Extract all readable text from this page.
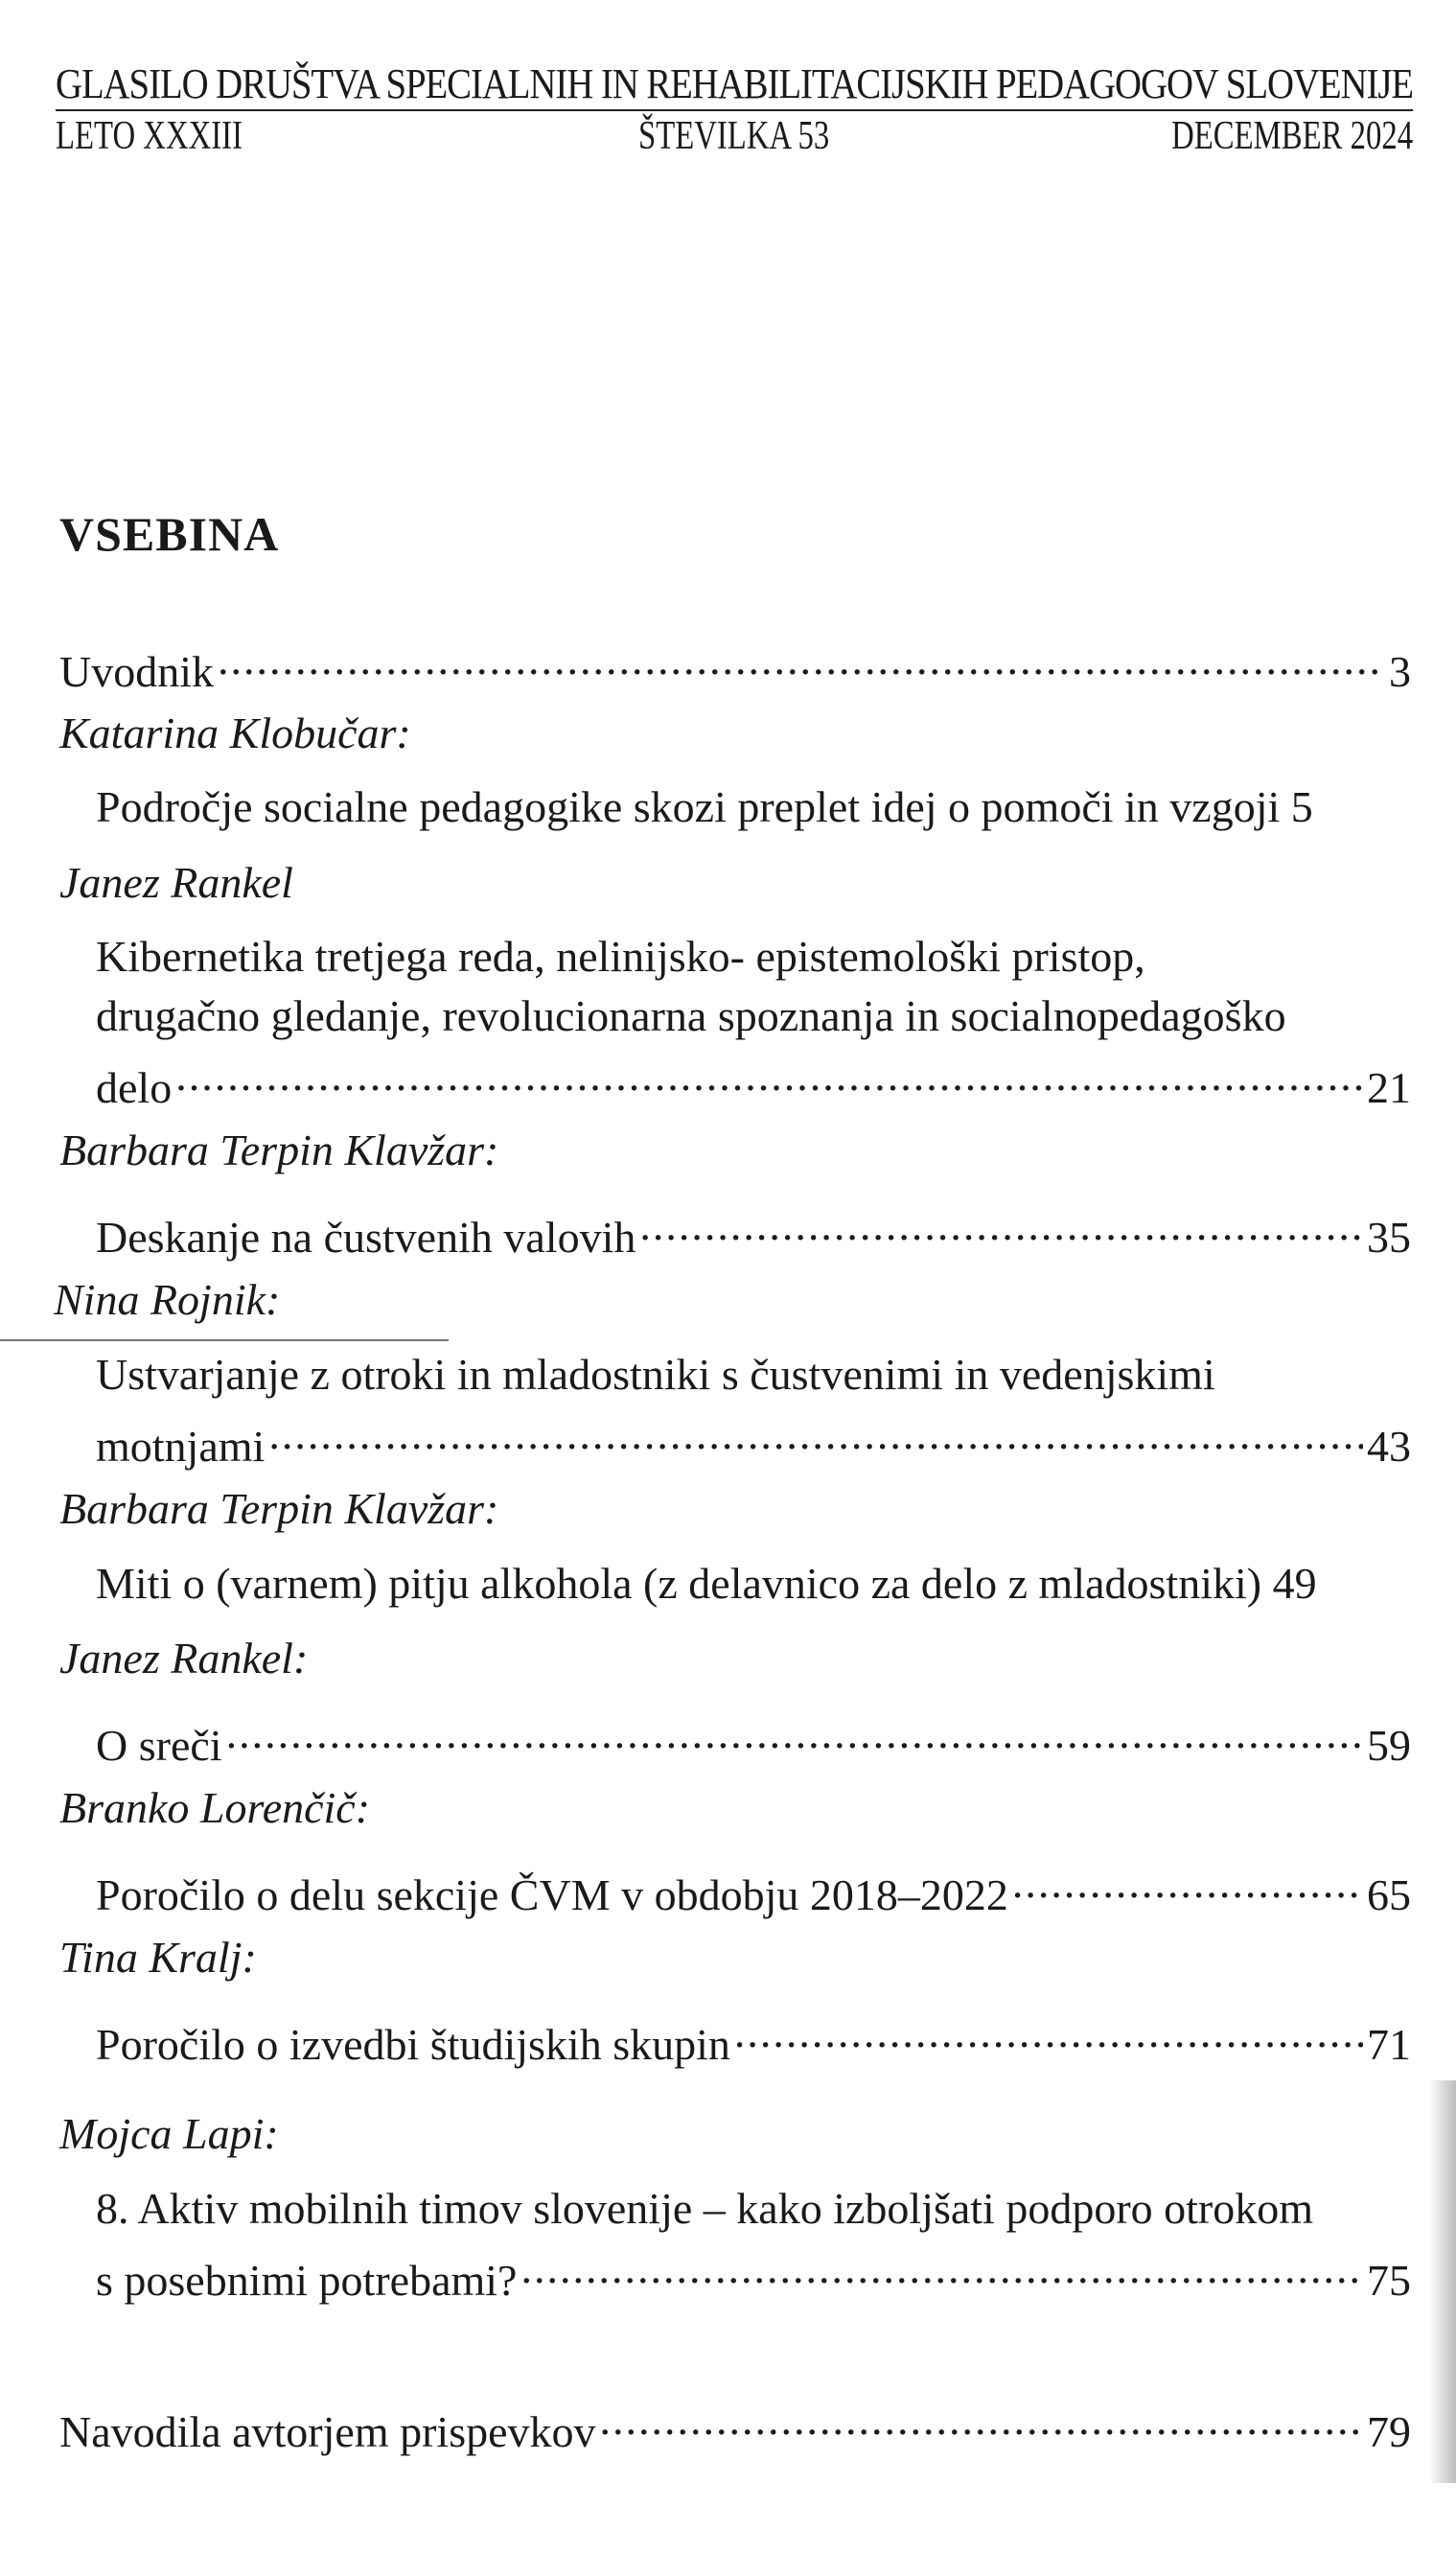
GLASILO DRUŠTVA SPECIALNIH IN REHABILITACIJSKIH PEDAGOGOV SLOVENIJE
LETO XXXIII	ŠTEVILKA 53	DECEMBER 2024
VSEBINA
Uvodnik .....	3
Katarina Klobučar:
Področje socialne pedagogike skozi preplet idej o pomoči in vzgoji 5
Janez Rankel
Kibernetika tretjega reda, nelinijsko- epistemološki pristop,
drugačno gledanje, revolucionarna spoznanja in socialnopedagoško
delo .....	21
Barbara Terpin Klavžar:
Deskanje na čustvenih valovih .....	35
Nina Rojnik:
Ustvarjanje z otroki in mladostniki s čustvenimi in vedenjskimi
motnjami .....	43
Barbara Terpin Klavžar:
Miti o (varnem) pitju alkohola (z delavnico za delo z mladostniki) 49
Janez Rankel:
O sreči .....	59
Branko Lorenčič:
Poročilo o delu sekcije ČVM v obdobju 2018–2022 .....	65
Tina Kralj:
Poročilo o izvedbi študijskih skupin .....	71
Mojca Lapi:
8. Aktiv mobilnih timov slovenije – kako izboljšati podporo otrokom
s posebnimi potrebami? .....	75
Navodila avtorjem prispevkov .....	79
